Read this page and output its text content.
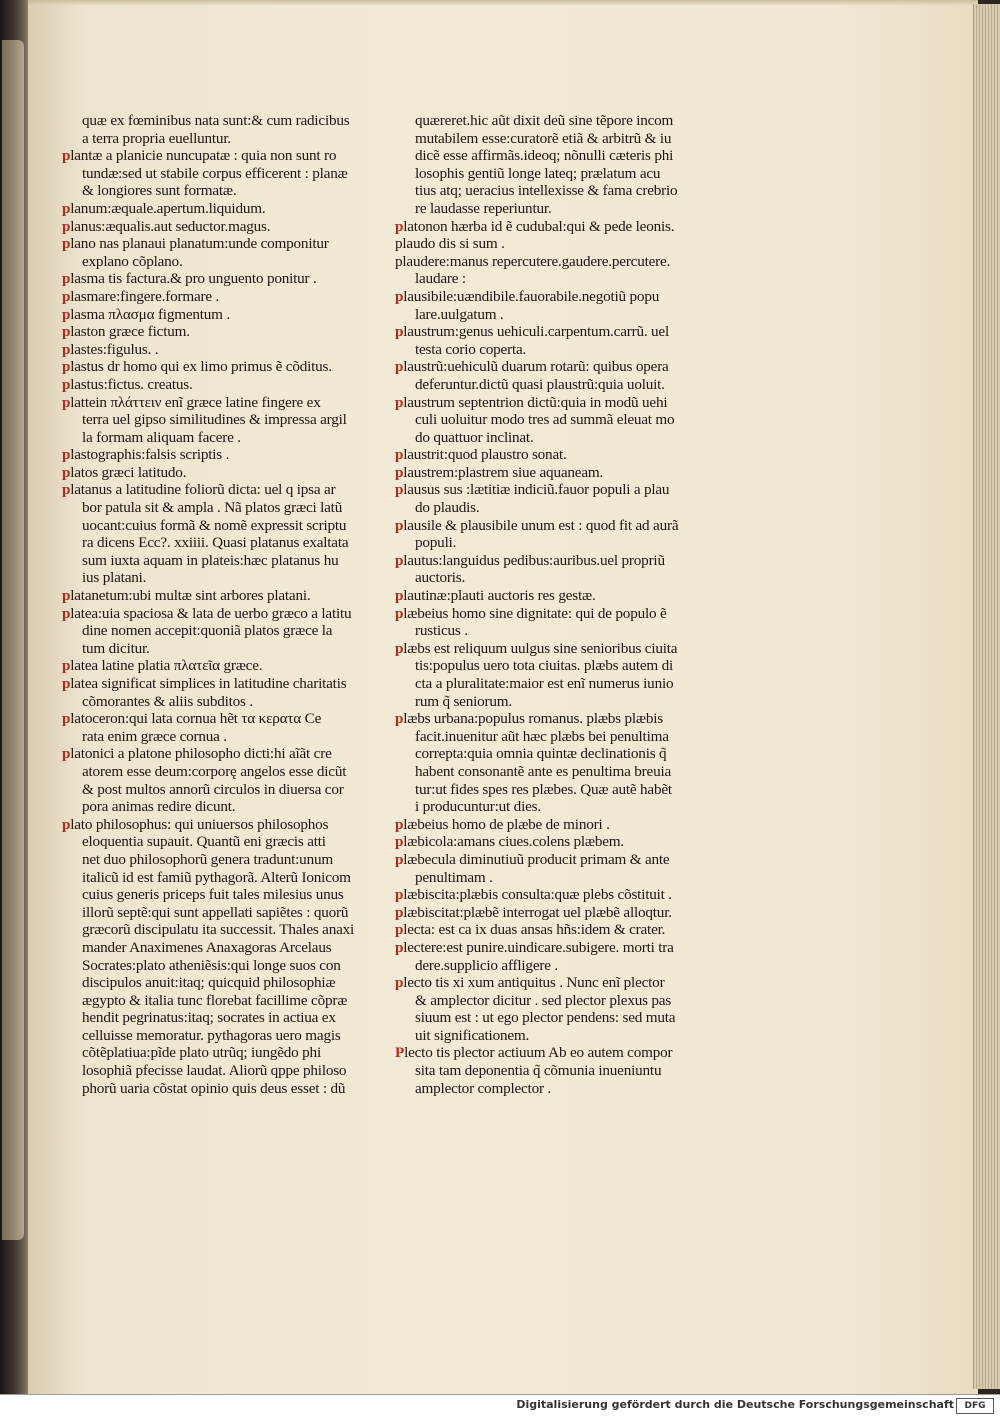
quæ ex fœminibus nata sunt:& cum radicibus
a terra propria euelluntur.
plantæ a planicie nuncupatæ : quia non sunt ro
tundæ:sed ut stabile corpus efficerent : planæ
& longiores sunt formatæ.
planum:æquale.apertum.liquidum.
planus:æqualis.aut seductor.magus.
plano nas planaui planatum:unde componitur
explano cõplano.
plasma tis factura.& pro unguento ponitur .
plasmare:fingere.formare .
plasma πλασμα figmentum .
plaston græce fictum.
plastes:figulus. .
plastus dr homo qui ex limo primus ẽ cõditus.
plastus:fictus. creatus.
plattein πλάττειν enĩ græce latine fingere ex
terra uel gipso similitudines & impressa argil
la formam aliquam facere .
plastographis:falsis scriptis .
platos græci latitudo.
platanus a latitudine foliorũ dicta: uel q ipsa ar
bor patula sit & ampla . Nã platos græci latũ
uocant:cuius formã & nomẽ expressit scriptu
ra dicens Ecc?. xxiiii. Quasi platanus exaltata
sum iuxta aquam in plateis:hæc platanus hu
ius platani.
platanetum:ubi multæ sint arbores platani.
platea:uia spaciosa & lata de uerbo græco a latitu
dine nomen accepit:quoniã platos græce la
tum dicitur.
platea latine platia πλατεῖα græce.
platea significat simplices in latitudine charitatis
cõmorantes & aliis subditos .
platoceron:qui lata cornua hẽt τα κερατα Ce
rata enim græce cornua .
platonici a platone philosopho dicti:hi aĩãt cre
atorem esse deum:corporę angelos esse dicũt
& post multos annorũ circulos in diuersa cor
pora animas redire dicunt.
plato philosophus: qui uniuersos philosophos
eloquentia supauit. Quantũ eni græcis atti
net duo philosophorũ genera tradunt:unum
italicũ id est famiũ pythagorã. Alterũ Ionicom
cuius generis priceps fuit tales milesius unus
illorũ septẽ:qui sunt appellati sapiẽtes : quorũ
græcorũ discipulatu ita successit. Thales anaxi
mander Anaximenes Anaxagoras Arcelaus
Socrates:plato atheniẽsis:qui longe suos con
discipulos anuit:itaq; quicquid philosophiæ
ægypto & italia tunc florebat facillime cõpræ
hendit pegrinatus:itaq; socrates in actiua ex
celluisse memoratur. pythagoras uero magis
cõtẽplatiua:pĩde plato utrũq; iungẽdo phi
losophiã pfecisse laudat. Aliorũ qppe philoso
phorũ uaria cõstat opinio quis deus esset : dũ
quæreret.hic aũt dixit deũ sine tẽpore incom
mutabilem esse:curatorẽ etiã & arbitrũ & iu
dicẽ esse affirmãs.ideoq; nõnulli cæteris phi
losophis gentiũ longe lateq; prælatum acu
tius atq; ueracius intellexisse & fama crebrio
re laudasse reperiuntur.
platonon hærba id ẽ cudubal:qui & pede leonis.
plaudo dis si sum .
plaudere:manus repercutere.gaudere.percutere.
laudare :
plausibile:uændibile.fauorabile.negotiũ popu
lare.uulgatum .
plaustrum:genus uehiculi.carpentum.carrũ. uel
testa corio coperta.
plaustrũ:uehiculũ duarum rotarũ: quibus opera
deferuntur.dictũ quasi plaustrũ:quia uoluit.
plaustrum septentrion dictũ:quia in modũ uehi
culi uoluitur modo tres ad summã eleuat mo
do quattuor inclinat.
plaustrit:quod plaustro sonat.
plaustrem:plastrem siue aquaneam.
plausus sus :lætitiæ indiciũ.fauor populi a plau
do plaudis.
plausile & plausibile unum est : quod fit ad aurã
populi.
plautus:languidus pedibus:auribus.uel propriũ
auctoris.
plautinæ:plauti auctoris res gestæ.
plæbeius homo sine dignitate: qui de populo ẽ
rusticus .
plæbs est reliquum uulgus sine senioribus ciuita
tis:populus uero tota ciuitas. plæbs autem di
cta a pluralitate:maior est enĩ numerus iunio
rum q̃ seniorum.
plæbs urbana:populus romanus. plæbs plæbis
facit.inuenitur aũt hæc plæbs bei penultima
correpta:quia omnia quintæ declinationis q̃
habent consonantẽ ante es penultima breuia
tur:ut fides spes res plæbes. Quæ autẽ habẽt
i producuntur:ut dies.
plæbeius homo de plæbe de minori .
plæbicola:amans ciues.colens plæbem.
plæbecula diminutiuũ producit primam & ante
penultimam .
plæbiscita:plæbis consulta:quæ plebs cõstituit .
plæbiscitat:plæbẽ interrogat uel plæbẽ alloqtur.
plecta: est ca ix duas ansas hñs:idem & crater.
plectere:est punire.uindicare.subigere. morti tra
dere.supplicio affligere .
plecto tis xi xum antiquitus . Nunc enĩ plector
& amplector dicitur . sed plector plexus pas
siuum est : ut ego plector pendens: sed muta
uit significationem.
Plecto tis plector actiuum Ab eo autem compor
sita tam deponentia q̃ cõmunia inueniuntu
amplector complector .
Digitalisierung gefördert durch die Deutsche Forschungsgemeinschaft	DFG
